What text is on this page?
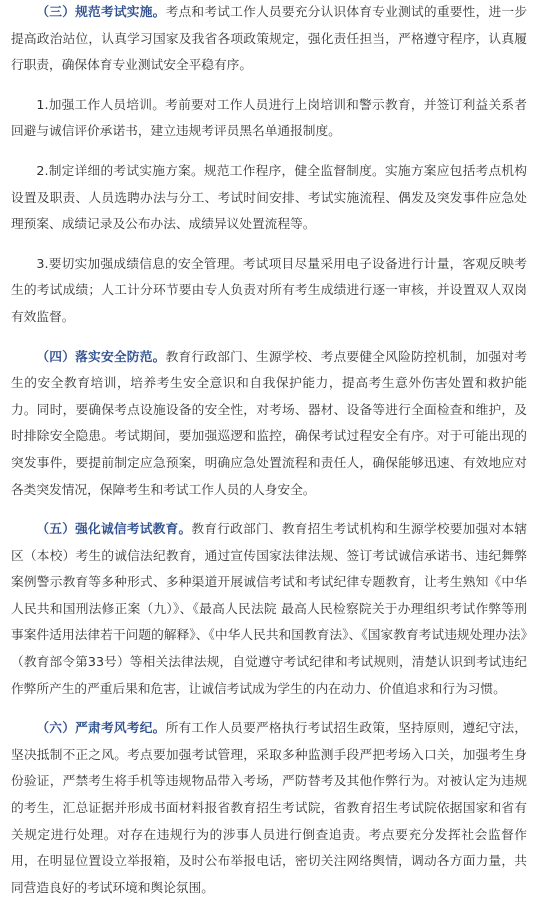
（三）规范考试实施。考点和考试工作人员要充分认识体育专业测试的重要性，进一步提高政治站位，认真学习国家及我省各项政策规定，强化责任担当，严格遵守程序，认真履行职责，确保体育专业测试安全平稳有序。

1.加强工作人员培训。考前要对工作人员进行上岗培训和警示教育，并签订利益关系者回避与诚信评价承诺书，建立违规考评员黑名单通报制度。

2.制定详细的考试实施方案。规范工作程序，健全监督制度。实施方案应包括考点机构设置及职责、人员选聘办法与分工、考试时间安排、考试实施流程、偶发及突发事件应急处理预案、成绩记录及公布办法、成绩异议处置流程等。

3.要切实加强成绩信息的安全管理。考试项目尽量采用电子设备进行计量，客观反映考生的考试成绩；人工计分环节要由专人负责对所有考生成绩进行逐一审核，并设置双人双岗有效监督。

（四）落实安全防范。教育行政部门、生源学校、考点要健全风险防控机制，加强对考生的安全教育培训，培养考生安全意识和自我保护能力，提高考生意外伤害处置和救护能力。同时，要确保考点设施设备的安全性，对考场、器材、设备等进行全面检查和维护，及时排除安全隐患。考试期间，要加强巡逻和监控，确保考试过程安全有序。对于可能出现的突发事件，要提前制定应急预案，明确应急处置流程和责任人，确保能够迅速、有效地应对各类突发情况，保障考生和考试工作人员的人身安全。

（五）强化诚信考试教育。教育行政部门、教育招生考试机构和生源学校要加强对本辖区（本校）考生的诚信法纪教育，通过宣传国家法律法规、签订考试诚信承诺书、违纪舞弊案例警示教育等多种形式、多种渠道开展诚信考试和考试纪律专题教育，让考生熟知《中华人民共和国刑法修正案（九）》、《最高人民法院 最高人民检察院关于办理组织考试作弊等刑事案件适用法律若干问题的解释》、《中华人民共和国教育法》、《国家教育考试违规处理办法》（教育部令第33号）等相关法律法规，自觉遵守考试纪律和考试规则，清楚认识到考试违纪作弊所产生的严重后果和危害，让诚信考试成为学生的内在动力、价值追求和行为习惯。

（六）严肃考风考纪。所有工作人员要严格执行考试招生政策，坚持原则，遵纪守法，坚决抵制不正之风。考点要加强考试管理，采取多种监测手段严把考场入口关，加强考生身份验证，严禁考生将手机等违规物品带入考场，严防替考及其他作弊行为。对被认定为违规的考生，汇总证据并形成书面材料报省教育招生考试院，省教育招生考试院依据国家和省有关规定进行处理。对存在违规行为的涉事人员进行倒查追责。考点要充分发挥社会监督作用，在明显位置设立举报箱，及时公布举报电话，密切关注网络舆情，调动各方面力量，共同营造良好的考试环境和舆论氛围。
